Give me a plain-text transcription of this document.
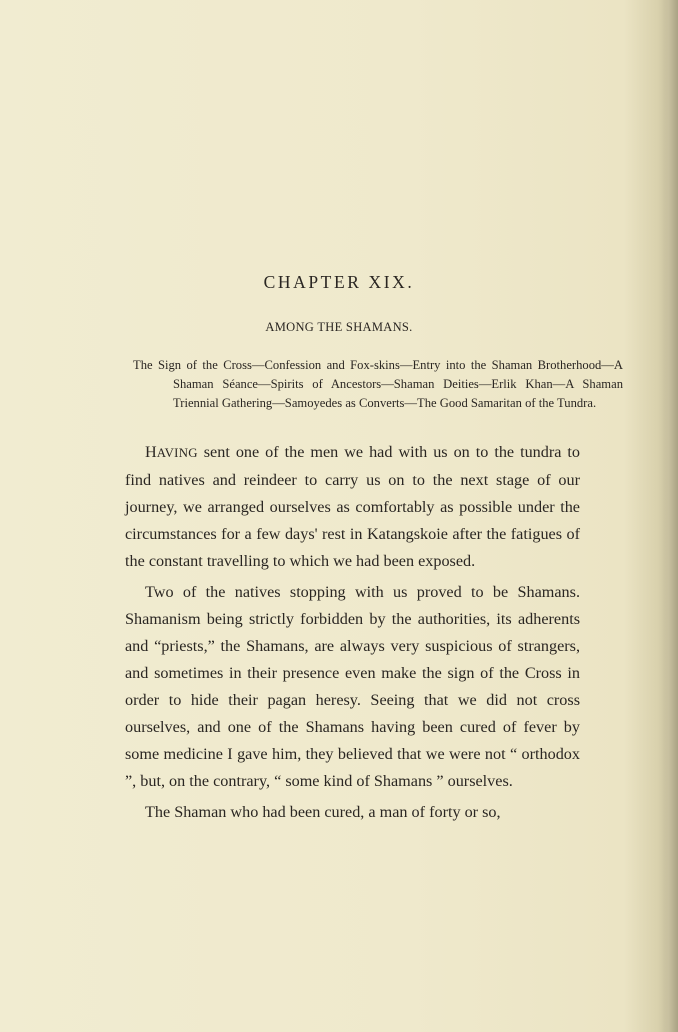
CHAPTER XIX.
AMONG THE SHAMANS.
The Sign of the Cross—Confession and Fox-skins—Entry into the Shaman Brotherhood—A Shaman Séance—Spirits of Ancestors—Shaman Deities—Erlik Khan—A Shaman Triennial Gathering—Samoyedes as Converts—The Good Samaritan of the Tundra.

HAVING sent one of the men we had with us on to the tundra to find natives and reindeer to carry us on to the next stage of our journey, we arranged ourselves as comfortably as possible under the circumstances for a few days' rest in Katangskoie after the fatigues of the constant travelling to which we had been exposed.

Two of the natives stopping with us proved to be Shamans. Shamanism being strictly forbidden by the authorities, its adherents and “priests,” the Shamans, are always very suspicious of strangers, and sometimes in their presence even make the sign of the Cross in order to hide their pagan heresy. Seeing that we did not cross ourselves, and one of the Shamans having been cured of fever by some medicine I gave him, they believed that we were not “ orthodox ”, but, on the contrary, “ some kind of Shamans ” ourselves.

The Shaman who had been cured, a man of forty or so,
